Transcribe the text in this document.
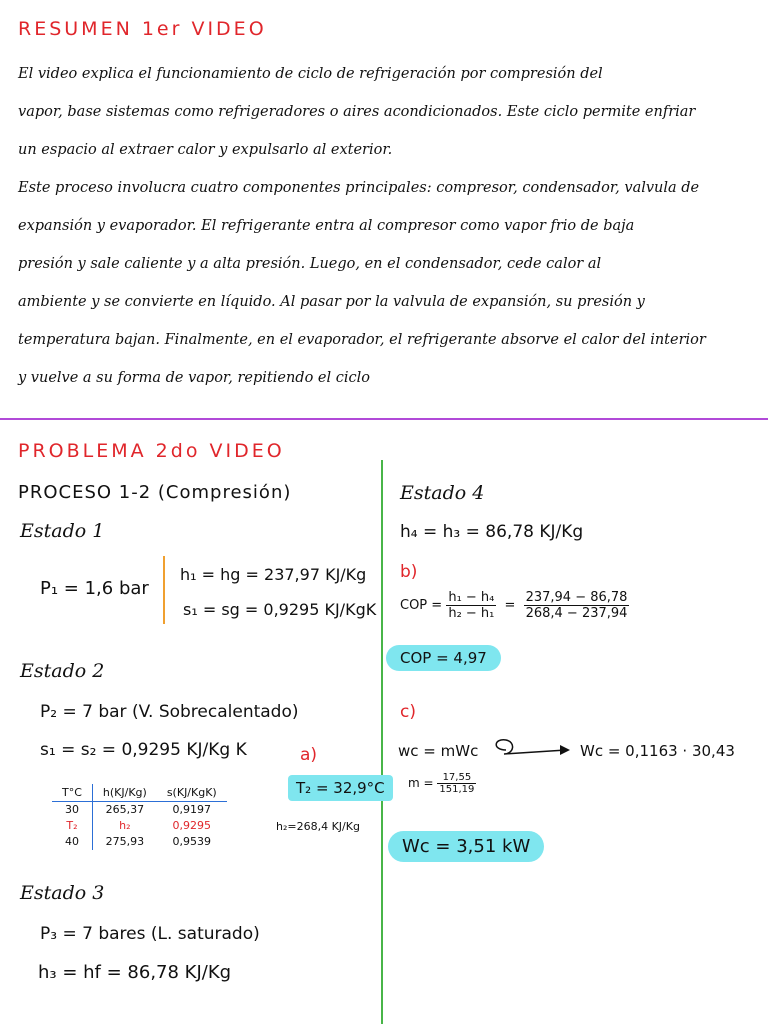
RESUMEN 1er VIDEO
El video explica el funcionamiento de ciclo de refrigeración por compresión del
vapor, base sistemas como refrigeradores o aires acondicionados. Este ciclo permite enfriar
un espacio al extraer calor y expulsarlo al exterior.
Este proceso involucra cuatro componentes principales: compresor, condensador, valvula de
expansión y evaporador. El refrigerante entra al compresor como vapor frio de baja
presión y sale caliente y a alta presión. Luego, en el condensador, cede calor al
ambiente y se convierte en líquido. Al pasar por la valvula de expansión, su presión y
temperatura bajan. Finalmente, en el evaporador, el refrigerante absorve el calor del interior
y vuelve a su forma de vapor, repitiendo el ciclo
PROBLEMA 2do VIDEO
PROCESO 1-2 (Compresión)
Estado 1
P₁ = 1,6 bar
h₁ = hg = 237,97 KJ/Kg
s₁ = sg = 0,9295 KJ/KgK
Estado 2
P₂ = 7 bar (V. Sobrecalentado)
s₁ = s₂ = 0,9295 KJ/Kg K	a)
T°C	h(KJ/Kg)	s(KJ/KgK)
30	265,37	0,9197
T₂	h₂	0,9295
40	275,93	0,9539
T₂ = 32,9°C
h₂=268,4 KJ/Kg
Estado 3
P₃ = 7 bares (L. saturado)
h₃ = hf = 86,78 KJ/Kg
Estado 4
h₄ = h₃ = 86,78 KJ/Kg
b)
COP = $\frac{\text{h₁ − h₄}}{\text{h₂ − h₁}} = \frac{237,94 - 86,78}{268,4 - 237,94}$
COP = 4,97
c)
wc = mWc	Wc = 0,1163 · 30,43
$m = \frac{17,55}{151,19}$
Wc = 3,51 kW
